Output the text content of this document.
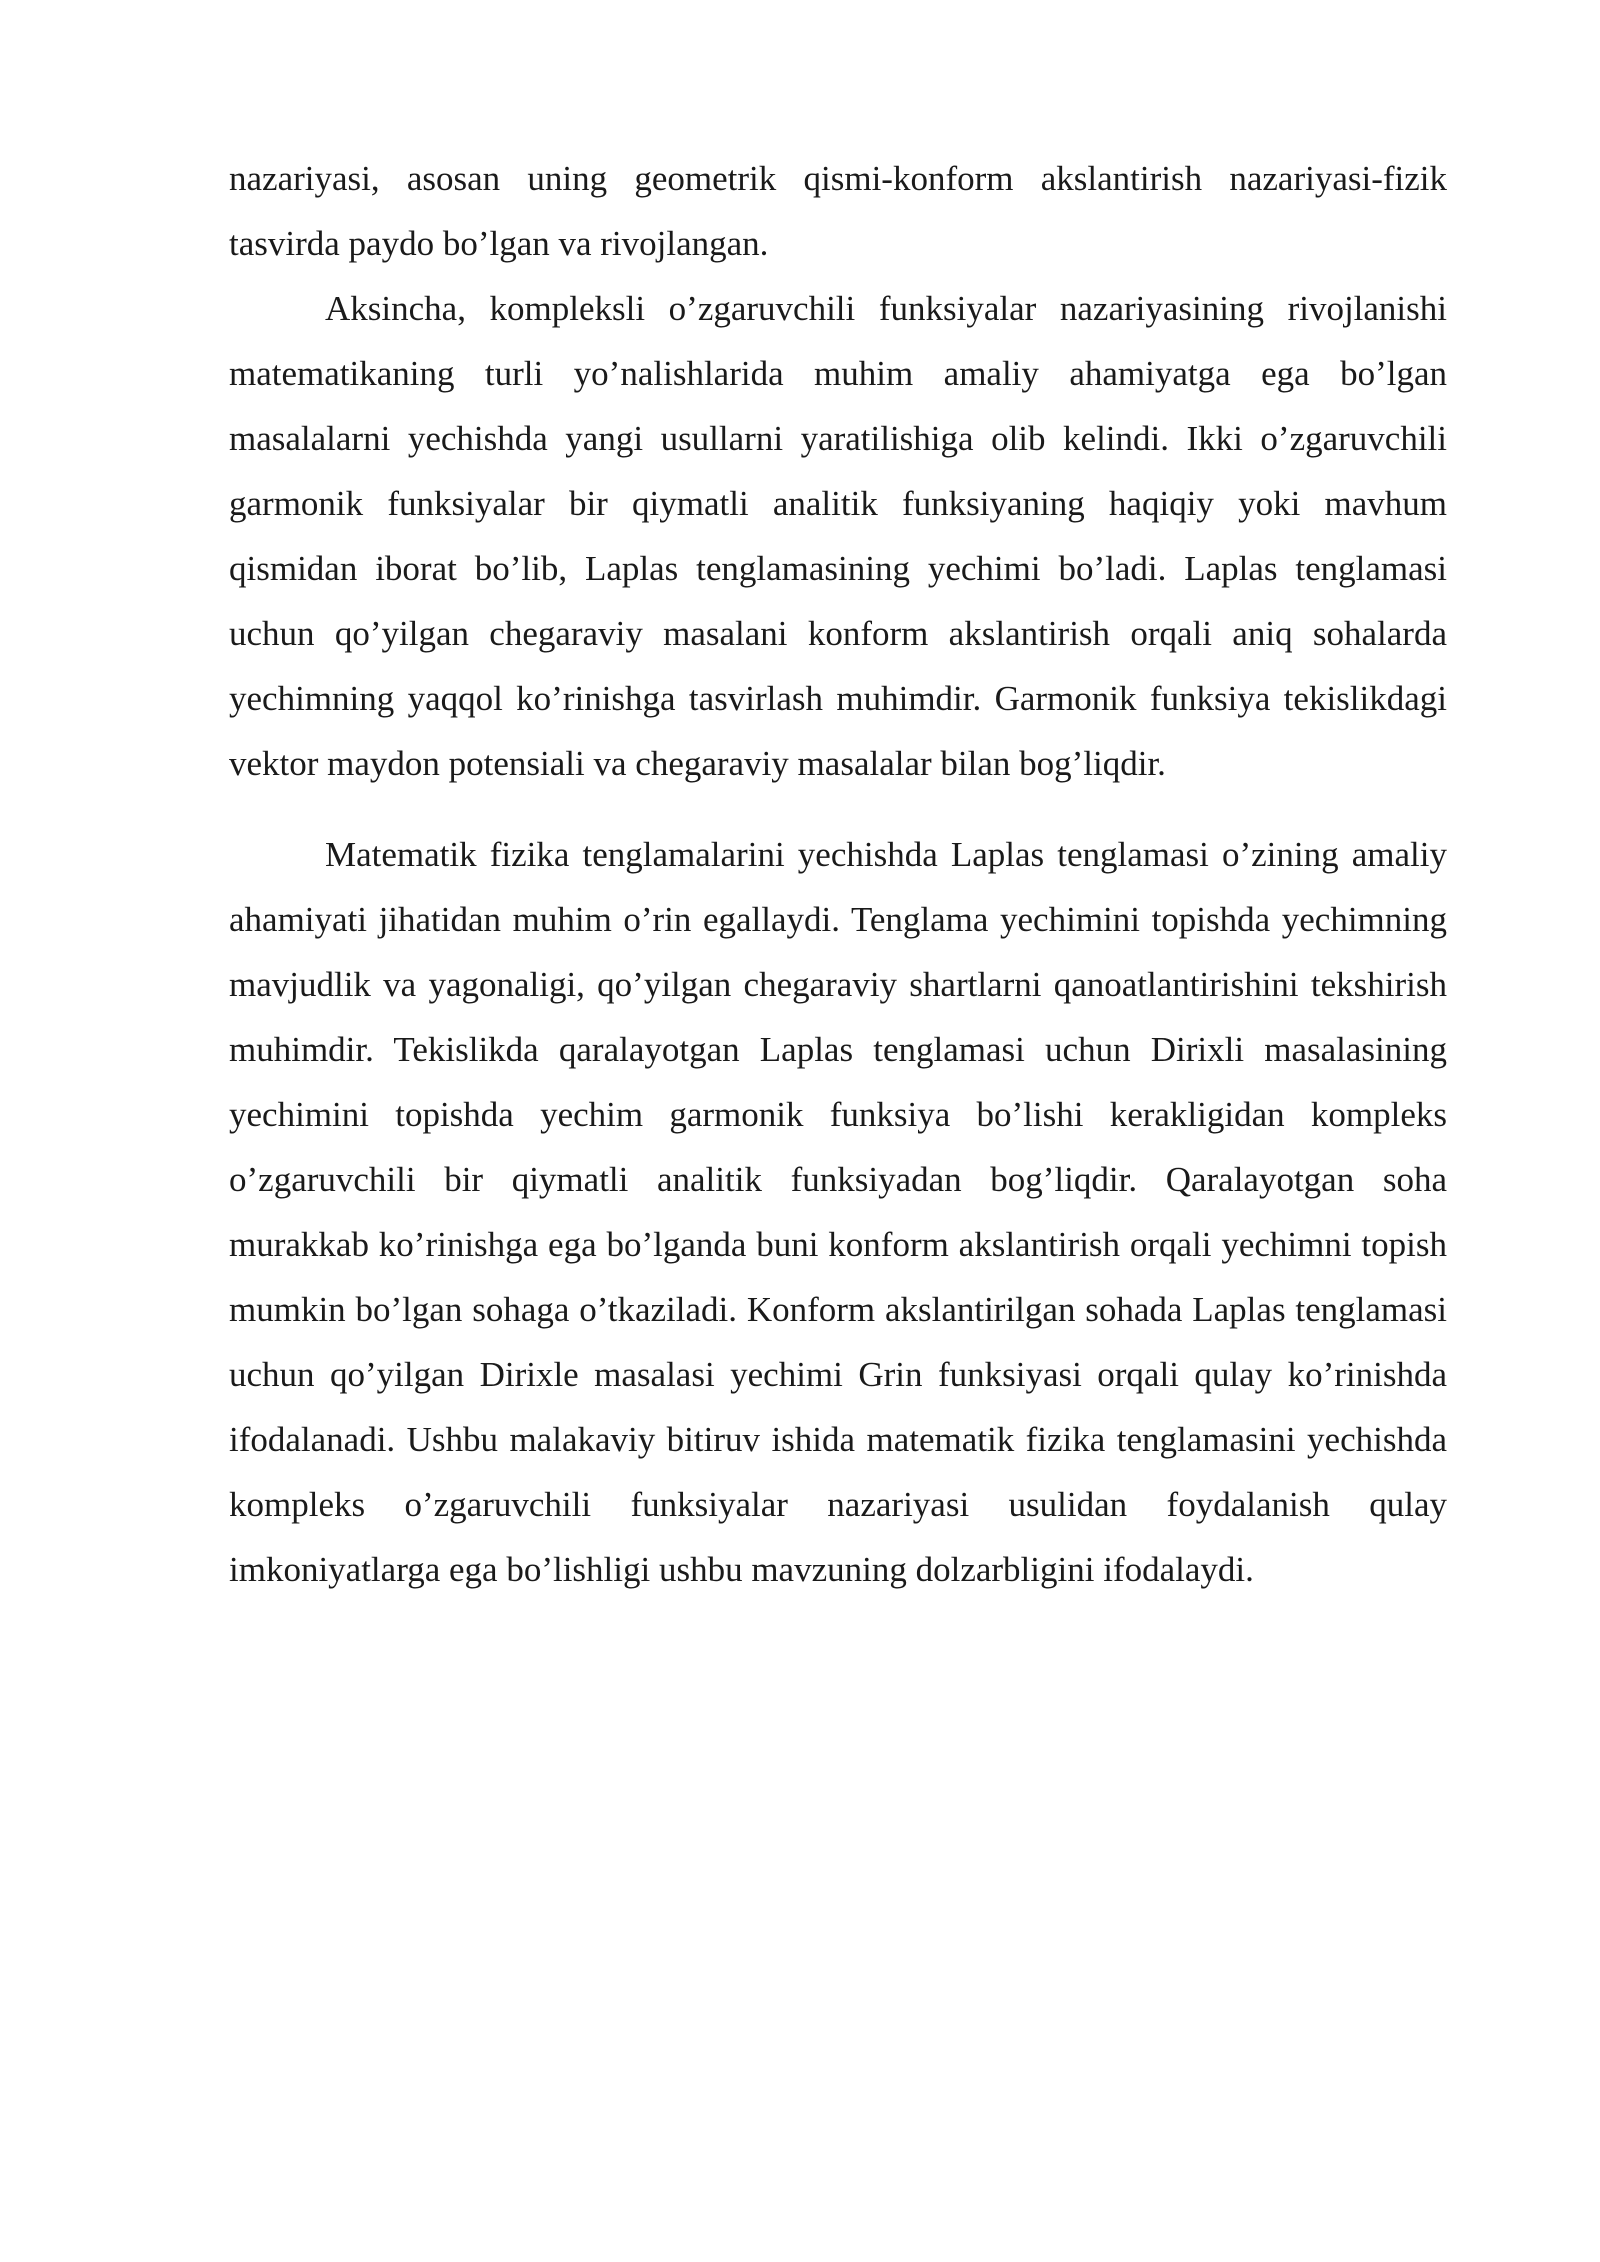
nazariyasi, asosan uning geometrik qismi-konform akslantirish nazariyasi-fizik tasvirda paydo bo’lgan va rivojlangan.

Aksincha, kompleksli o’zgaruvchili funksiyalar nazariyasining rivojlanishi matematikaning turli yo’nalishlarida muhim amaliy ahamiyatga ega bo’lgan masalalarni yechishda yangi usullarni yaratilishiga olib kelindi. Ikki o’zgaruvchili garmonik funksiyalar bir qiymatli analitik funksiyaning haqiqiy yoki mavhum qismidan iborat bo’lib, Laplas tenglamasining yechimi bo’ladi. Laplas tenglamasi uchun qo’yilgan chegaraviy masalani konform akslantirish orqali aniq sohalarda yechimning yaqqol ko’rinishga tasvirlash muhimdir. Garmonik funksiya tekislikdagi vektor maydon potensiali va chegaraviy masalalar bilan bog’liqdir.

Matematik fizika tenglamalarini yechishda Laplas tenglamasi o’zining amaliy ahamiyati jihatidan muhim o’rin egallaydi. Tenglama yechimini topishda yechimning mavjudlik va yagonaligi, qo’yilgan chegaraviy shartlarni qanoatlantirishini tekshirish muhimdir. Tekislikda qaralayotgan Laplas tenglamasi uchun Dirixli masalasining yechimini topishda yechim garmonik funksiya bo’lishi kerakligidan kompleks o’zgaruvchili bir qiymatli analitik funksiyadan bog’liqdir. Qaralayotgan soha murakkab ko’rinishga ega bo’lganda buni konform akslantirish orqali yechimni topish mumkin bo’lgan sohaga o’tkaziladi. Konform akslantirilgan sohada Laplas tenglamasi uchun qo’yilgan Dirixle masalasi yechimi Grin funksiyasi orqali qulay ko’rinishda ifodalanadi. Ushbu malakaviy bitiruv ishida matematik fizika tenglamasini yechishda kompleks o’zgaruvchili funksiyalar nazariyasi usulidan foydalanish qulay imkoniyatlarga ega bo’lishligi ushbu mavzuning dolzarbligini ifodalaydi.
